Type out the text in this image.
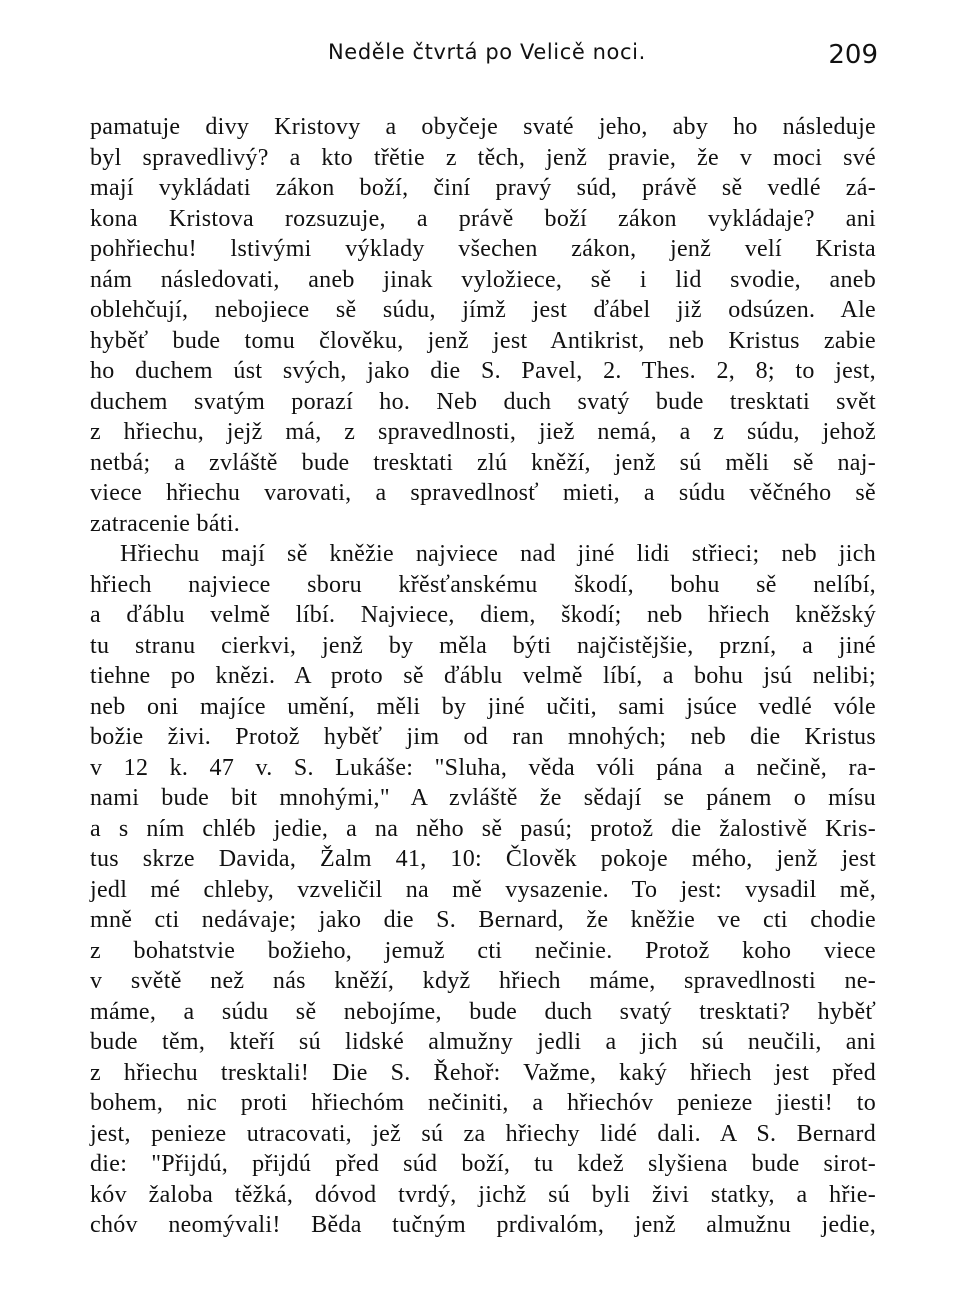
Neděle čtvrtá po Velicě noci.	209
pamatuje divy Kristovy a obyčeje svaté jeho, aby ho následuje
byl spravedlivý? a kto třětie z těch, jenž pravie, že v moci své
mají vykládati zákon boží, činí pravý súd, právě sě vedlé zá-
kona Kristova rozsuzuje, a právě boží zákon vykládaje? ani
pohřiechu! lstivými výklady všechen zákon, jenž velí Krista
nám následovati, aneb jinak vyložiece, sě i lid svodie, aneb
oblehčují, nebojiece sě súdu, jímž jest ďábel již odsúzen. Ale
hyběť bude tomu člověku, jenž jest Antikrist, neb Kristus zabie
ho duchem úst svých, jako die S. Pavel, 2. Thes. 2, 8; to jest,
duchem svatým porazí ho. Neb duch svatý bude tresktati svět
z hřiechu, jejž má, z spravedlnosti, jiež nemá, a z súdu, jehož
netbá; a zvláště bude tresktati zlú kněží, jenž sú měli sě naj-
viece hřiechu varovati, a spravedlnosť mieti, a súdu věčného sě
zatracenie báti.
Hřiechu mají sě kněžie najviece nad jiné lidi střieci; neb jich
hřiech najviece sboru křěsťanskému škodí, bohu sě nelíbí,
a ďáblu velmě líbí. Najviece, diem, škodí; neb hřiech kněžský
tu stranu cierkvi, jenž by měla býti najčistějšie, przní, a jiné
tiehne po knězi. A proto sě ďáblu velmě líbí, a bohu jsú nelibi;
neb oni majíce umění, měli by jiné učiti, sami jsúce vedlé vóle
božie živi. Protož hyběť jim od ran mnohých; neb die Kristus
v 12 k. 47 v. S. Lukáše: "Sluha, věda vóli pána a nečině, ra-
nami bude bit mnohými," A zvláště že sědají se pánem o mísu
a s ním chléb jedie, a na něho sě pasú; protož die žalostivě Kris-
tus skrze Davida, Žalm 41, 10: Člověk pokoje mého, jenž jest
jedl mé chleby, vzveličil na mě vysazenie. To jest: vysadil mě,
mně cti nedávaje; jako die S. Bernard, že kněžie ve cti chodie
z bohatstvie božieho, jemuž cti nečinie. Protož koho viece
v světě než nás kněží, když hřiech máme, spravedlnosti ne-
máme, a súdu sě nebojíme, bude duch svatý tresktati? hyběť
bude těm, kteří sú lidské almužny jedli a jich sú neučili, ani
z hřiechu tresktali! Die S. Řehoř: Važme, kaký hřiech jest před
bohem, nic proti hřiechóm nečiniti, a hřiechóv penieze jiesti! to
jest, penieze utracovati, jež sú za hřiechy lidé dali. A S. Bernard
die: "Přijdú, přijdú před súd boží, tu kdež slyšiena bude sirot-
kóv žaloba těžká, dóvod tvrdý, jichž sú byli živi statky, a hřie-
chóv neomývali! Běda tučným prdivalóm, jenž almužnu jedie,
